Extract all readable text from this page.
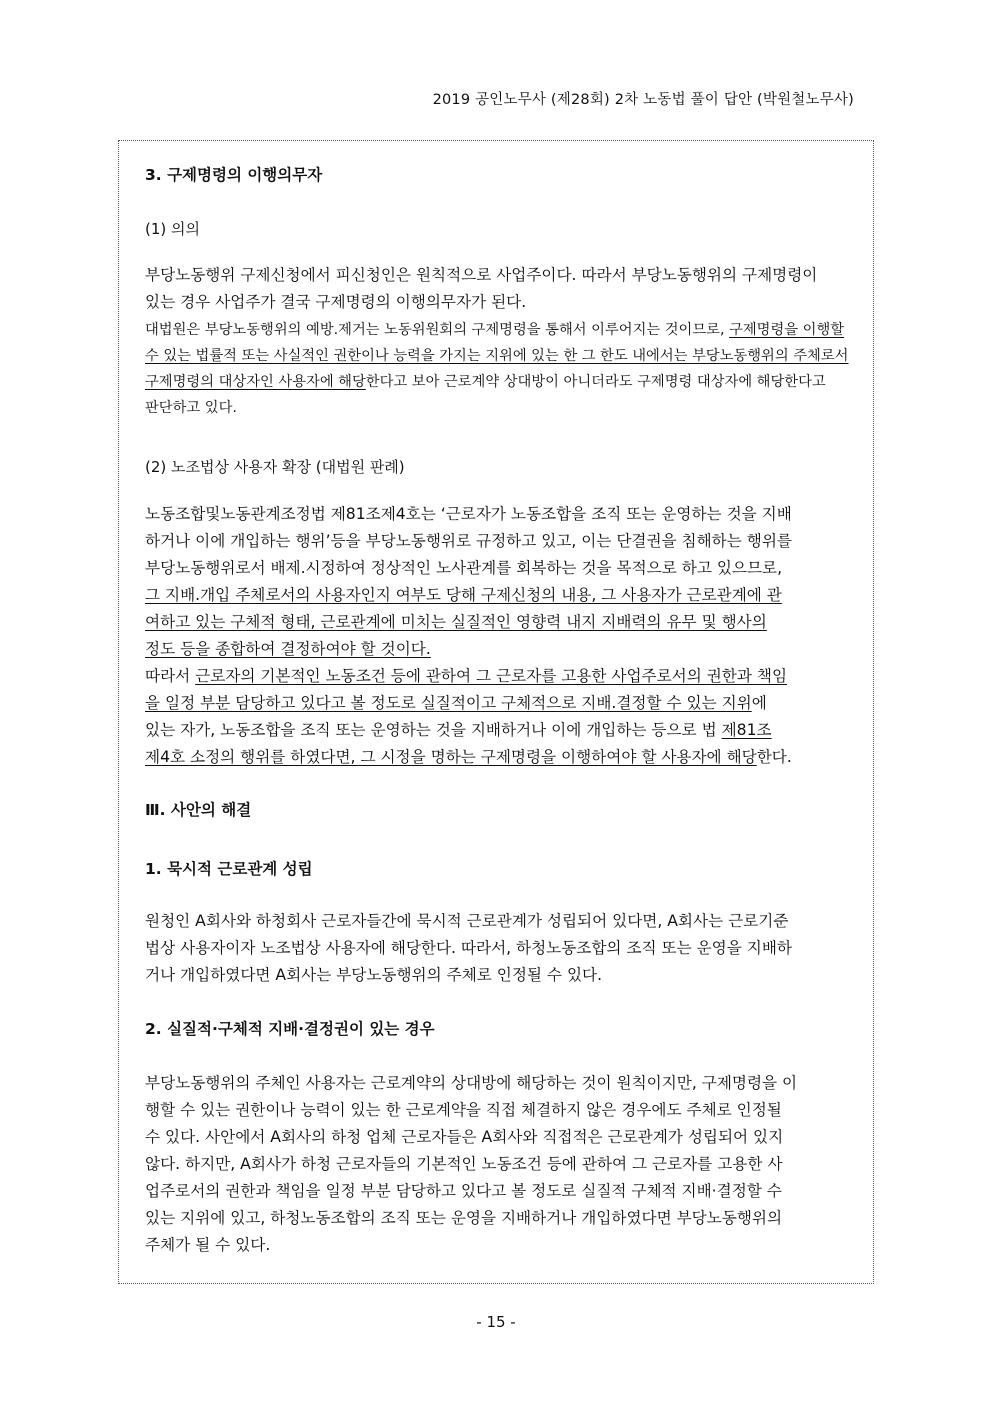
2019 공인노무사 (제28회) 2차 노동법 풀이 답안 (박원철노무사)
3. 구제명령의 이행의무자
(1) 의의
부당노동행위 구제신청에서 피신청인은 원칙적으로 사업주이다. 따라서 부당노동행위의 구제명령이
있는 경우 사업주가 결국 구제명령의 이행의무자가 된다.
대법원은 부당노동행위의 예방.제거는 노동위원회의 구제명령을 통해서 이루어지는 것이므로, 구제명령을 이행할
수 있는 법률적 또는 사실적인 권한이나 능력을 가지는 지위에 있는 한 그 한도 내에서는 부당노동행위의 주체로서
구제명령의 대상자인 사용자에 해당한다고 보아 근로계약 상대방이 아니더라도 구제명령 대상자에 해당한다고
판단하고 있다.
(2) 노조법상 사용자 확장 (대법원 판례)
노동조합및노동관계조정법 제81조제4호는 ‘근로자가 노동조합을 조직 또는 운영하는 것을 지배
하거나 이에 개입하는 행위’등을 부당노동행위로 규정하고 있고, 이는 단결권을 침해하는 행위를
부당노동행위로서 배제.시정하여 정상적인 노사관계를 회복하는 것을 목적으로 하고 있으므로,
그 지배.개입 주체로서의 사용자인지 여부도 당해 구제신청의 내용, 그 사용자가 근로관계에 관
여하고 있는 구체적 형태, 근로관계에 미치는 실질적인 영향력 내지 지배력의 유무 및 행사의
정도 등을 종합하여 결정하여야 할 것이다.
따라서 근로자의 기본적인 노동조건 등에 관하여 그 근로자를 고용한 사업주로서의 권한과 책임
을 일정 부분 담당하고 있다고 볼 정도로 실질적이고 구체적으로 지배.결정할 수 있는 지위에
있는 자가, 노동조합을 조직 또는 운영하는 것을 지배하거나 이에 개입하는 등으로 법 제81조
제4호 소정의 행위를 하였다면, 그 시정을 명하는 구제명령을 이행하여야 할 사용자에 해당한다.
Ⅲ. 사안의 해결
1. 묵시적 근로관계 성립
원청인 A회사와 하청회사 근로자들간에 묵시적 근로관계가 성립되어 있다면, A회사는 근로기준
법상 사용자이자 노조법상 사용자에 해당한다. 따라서, 하청노동조합의 조직 또는 운영을 지배하
거나 개입하였다면 A회사는 부당노동행위의 주체로 인정될 수 있다.
2. 실질적·구체적 지배·결정권이 있는 경우
부당노동행위의 주체인 사용자는 근로계약의 상대방에 해당하는 것이 원칙이지만, 구제명령을 이
행할 수 있는 권한이나 능력이 있는 한 근로계약을 직접 체결하지 않은 경우에도 주체로 인정될
수 있다. 사안에서 A회사의 하청 업체 근로자들은 A회사와 직접적은 근로관계가 성립되어 있지
않다. 하지만, A회사가 하청 근로자들의 기본적인 노동조건 등에 관하여 그 근로자를 고용한 사
업주로서의 권한과 책임을 일정 부분 담당하고 있다고 볼 정도로 실질적 구체적 지배·결정할 수
있는 지위에 있고, 하청노동조합의 조직 또는 운영을 지배하거나 개입하였다면 부당노동행위의
주체가 될 수 있다.
- 15 -
